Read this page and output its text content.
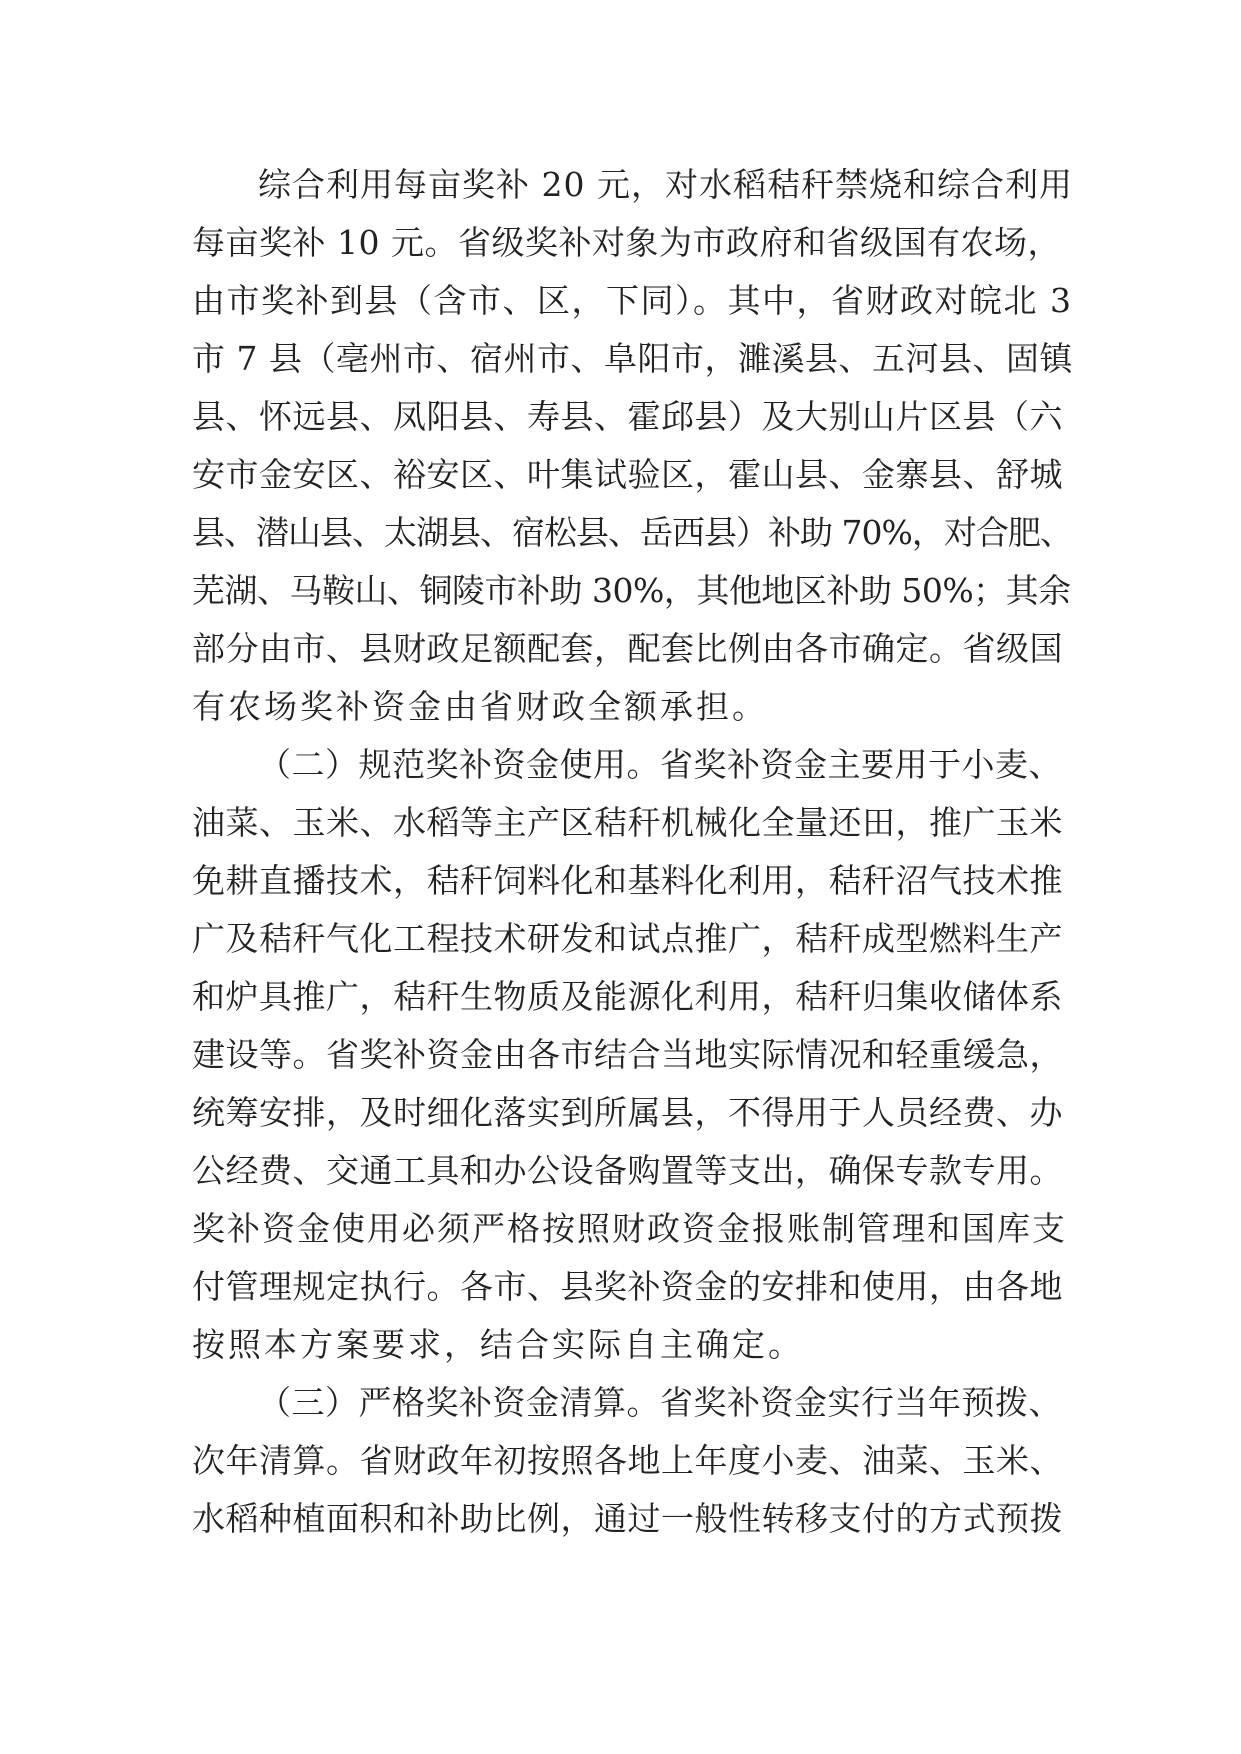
综合利用每亩奖补 20 元，对水稻秸秆禁烧和综合利用
每亩奖补 10 元。省级奖补对象为市政府和省级国有农场，
由市奖补到县（含市、区，下同）。其中，省财政对皖北 3
市 7 县（亳州市、宿州市、阜阳市，濉溪县、五河县、固镇
县、怀远县、凤阳县、寿县、霍邱县）及大别山片区县（六
安市金安区、裕安区、叶集试验区，霍山县、金寨县、舒城
县、潜山县、太湖县、宿松县、岳西县）补助 70%，对合肥、
芜湖、马鞍山、铜陵市补助 30%，其他地区补助 50%；其余
部分由市、县财政足额配套，配套比例由各市确定。省级国
有农场奖补资金由省财政全额承担。
（二）规范奖补资金使用。省奖补资金主要用于小麦、
油菜、玉米、水稻等主产区秸秆机械化全量还田，推广玉米
免耕直播技术，秸秆饲料化和基料化利用，秸秆沼气技术推
广及秸秆气化工程技术研发和试点推广，秸秆成型燃料生产
和炉具推广，秸秆生物质及能源化利用，秸秆归集收储体系
建设等。省奖补资金由各市结合当地实际情况和轻重缓急，
统筹安排，及时细化落实到所属县，不得用于人员经费、办
公经费、交通工具和办公设备购置等支出，确保专款专用。
奖补资金使用必须严格按照财政资金报账制管理和国库支
付管理规定执行。各市、县奖补资金的安排和使用，由各地
按照本方案要求，结合实际自主确定。
（三）严格奖补资金清算。省奖补资金实行当年预拨、
次年清算。省财政年初按照各地上年度小麦、油菜、玉米、
水稻种植面积和补助比例，通过一般性转移支付的方式预拨
